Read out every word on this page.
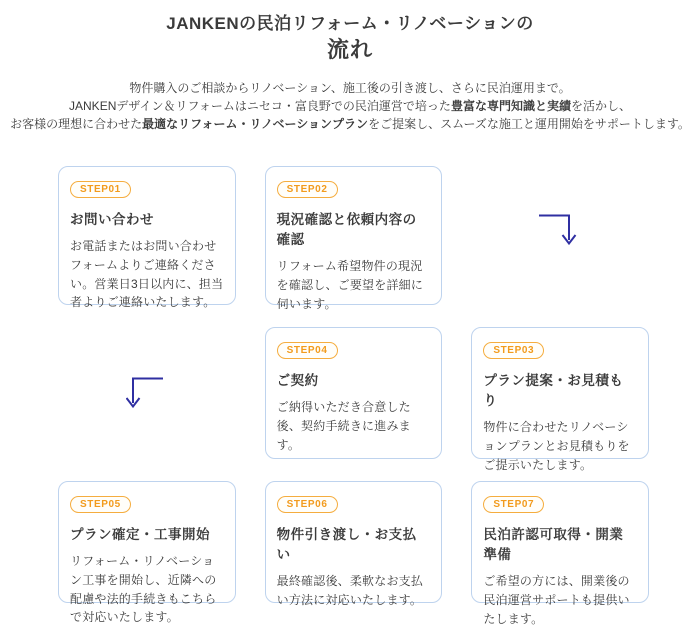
JANKENの民泊リフォーム・リノベーションの
流れ
物件購入のご相談からリノベーション、施工後の引き渡し、さらに民泊運用まで。
JANKENデザイン＆リフォームはニセコ・富良野での民泊運営で培った豊富な専門知識と実績を活かし、
お客様の理想に合わせた最適なリフォーム・リノベーションプランをご提案し、スムーズな施工と運用開始をサポートします。
STEP01
お問い合わせ
お電話またはお問い合わせフォームよりご連絡ください。営業日3日以内に、担当者よりご連絡いたします。
STEP02
現況確認と依頼内容の確認
リフォーム希望物件の現況を確認し、ご要望を詳細に伺います。
STEP04
ご契約
ご納得いただき合意した後、契約手続きに進みます。
STEP03
プラン提案・お見積もり
物件に合わせたリノベーションプランとお見積もりをご提示いたします。
STEP05
プラン確定・工事開始
リフォーム・リノベーション工事を開始し、近隣への配慮や法的手続きもこちらで対応いたします。
STEP06
物件引き渡し・お支払い
最終確認後、柔軟なお支払い方法に対応いたします。
STEP07
民泊許認可取得・開業準備
ご希望の方には、開業後の民泊運営サポートも提供いたします。
